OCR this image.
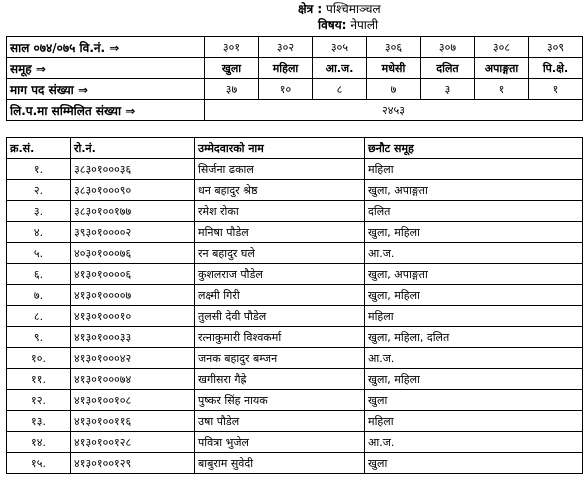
क्षेत्र : पश्चिमाञ्चल
विषय: नेपाली
साल ०७४/०७५ वि.नं. ⇒	३०१	३०२	३०५	३०६	३०७	३०८	३०९
समूह ⇒	खुला	महिला	आ.ज.	मधेसी	दलित	अपाङ्गता	पि.क्षे.
माग पद संख्या ⇒	३७	१०	८	७	३	१	१
लि.प.मा सम्मिलित संख्या ⇒	२४५३						
क्र.सं.	रो.नं.	उम्मेदवारको नाम	छनौट समूह
१.	३८३०१०००३६	सिर्जना ढकाल	महिला
२.	३८३०१०००९०	धन बहादुर श्रेष्ठ	खुला, अपाङ्गता
३.	३८३०१००१७७	रमेश रोका	दलित
४.	३९३०१००००२	मनिषा पौडेल	खुला, महिला
५.	४०३०१०००७६	रन बहादुर घले	आ.ज.
६.	४१३०१००००६	कुशलराज पौडेल	खुला, अपाङ्गता
७.	४१३०१००००७	लक्ष्मी गिरी	खुला, महिला
८.	४१३०१०००१०	तुलसी देवी पौडेल	महिला
९.	४१३०१०००३३	रत्नाकुमारी विश्वकर्मा	खुला, महिला, दलित
१०.	४१३०१०००४२	जनक बहादुर बम्जन	आ.ज.
११.	४१३०१०००७४	खगीसरा गैह्रे	खुला, महिला
१२.	४१३०१००१०८	पुष्कर सिंह नायक	खुला
१३.	४१३०१००११६	उषा पौडेल	महिला
१४.	४१३०१००१२८	पवित्रा भुजेल	आ.ज.
१५.	४१३०१००१२९	बाबुराम सुवेदी	खुला
